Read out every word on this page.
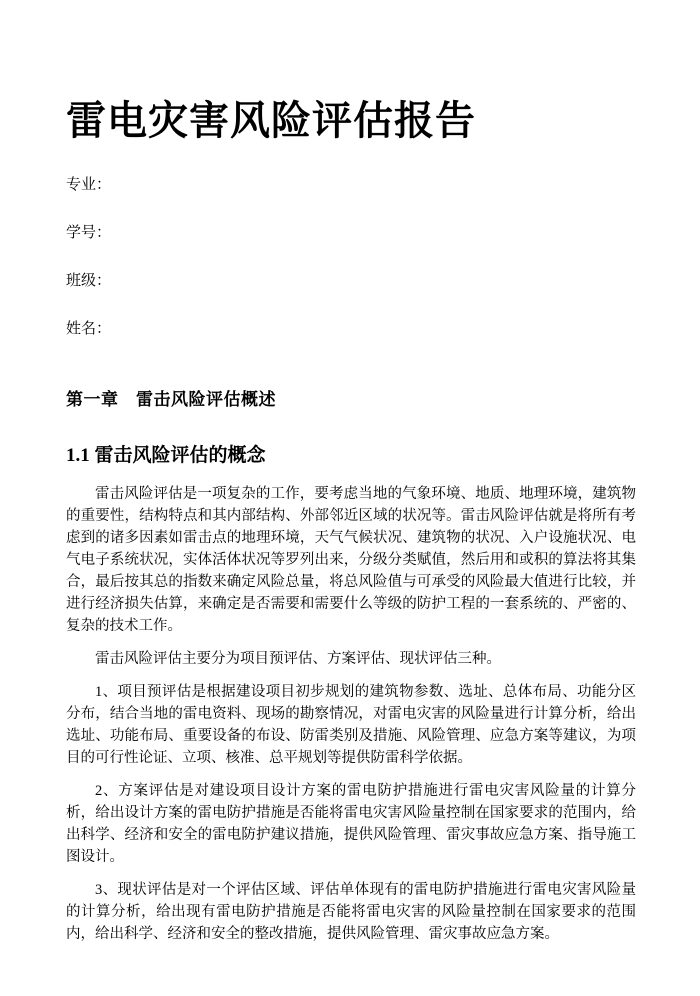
雷电灾害风险评估报告
专业：
学号：
班级：
姓名：
第一章　雷击风险评估概述
1.1 雷击风险评估的概念

雷击风险评估是一项复杂的工作，要考虑当地的气象环境、地质、地理环境，建筑物的重要性，结构特点和其内部结构、外部邻近区域的状况等。雷击风险评估就是将所有考虑到的诸多因素如雷击点的地理环境，天气气候状况、建筑物的状况、入户设施状况、电气电子系统状况，实体活体状况等罗列出来，分级分类赋值，然后用和或积的算法将其集合，最后按其总的指数来确定风险总量，将总风险值与可承受的风险最大值进行比较，并进行经济损失估算，来确定是否需要和需要什么等级的防护工程的一套系统的、严密的、复杂的技术工作。

雷击风险评估主要分为项目预评估、方案评估、现状评估三种。

1、项目预评估是根据建设项目初步规划的建筑物参数、选址、总体布局、功能分区分布，结合当地的雷电资料、现场的勘察情况，对雷电灾害的风险量进行计算分析，给出选址、功能布局、重要设备的布设、防雷类别及措施、风险管理、应急方案等建议，为项目的可行性论证、立项、核准、总平规划等提供防雷科学依据。

2、方案评估是对建设项目设计方案的雷电防护措施进行雷电灾害风险量的计算分析，给出设计方案的雷电防护措施是否能将雷电灾害风险量控制在国家要求的范围内，给出科学、经济和安全的雷电防护建议措施，提供风险管理、雷灾事故应急方案、指导施工图设计。

3、现状评估是对一个评估区域、评估单体现有的雷电防护措施进行雷电灾害风险量的计算分析，给出现有雷电防护措施是否能将雷电灾害的风险量控制在国家要求的范围内，给出科学、经济和安全的整改措施，提供风险管理、雷灾事故应急方案。
